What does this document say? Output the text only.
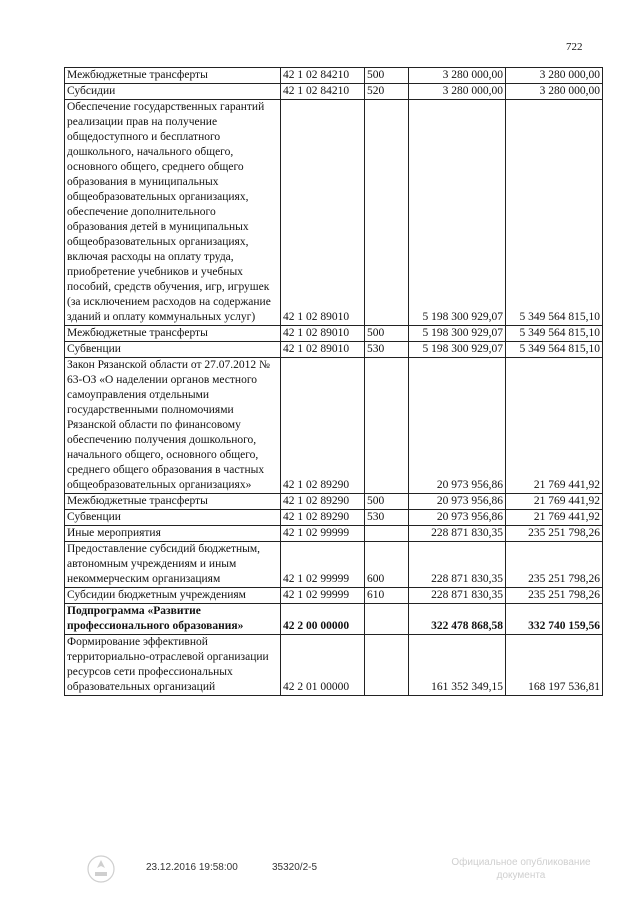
722
Межбюджетные трансферты	42 1 02 84210	500	3 280 000,00	3 280 000,00
Субсидии	42 1 02 84210	520	3 280 000,00	3 280 000,00
Обеспечение государственных гарантий реализации прав на получение общедоступного и бесплатного дошкольного, начального общего, основного общего, среднего общего образования в муниципальных общеобразовательных организациях, обеспечение дополнительного образования детей в муниципальных общеобразовательных организациях, включая расходы на оплату труда, приобретение учебников и учебных пособий, средств обучения, игр, игрушек (за исключением расходов на содержание зданий и оплату коммунальных услуг)	42 1 02 89010		5 198 300 929,07	5 349 564 815,10
Межбюджетные трансферты	42 1 02 89010	500	5 198 300 929,07	5 349 564 815,10
Субвенции	42 1 02 89010	530	5 198 300 929,07	5 349 564 815,10
Закон Рязанской области от 27.07.2012 № 63-ОЗ «О наделении органов местного самоуправления отдельными государственными полномочиями Рязанской области по финансовому обеспечению получения дошкольного, начального общего, основного общего, среднего общего образования в частных общеобразовательных организациях»	42 1 02 89290		20 973 956,86	21 769 441,92
Межбюджетные трансферты	42 1 02 89290	500	20 973 956,86	21 769 441,92
Субвенции	42 1 02 89290	530	20 973 956,86	21 769 441,92
Иные мероприятия	42 1 02 99999		228 871 830,35	235 251 798,26
Предоставление субсидий бюджетным, автономным учреждениям и иным некоммерческим организациям	42 1 02 99999	600	228 871 830,35	235 251 798,26
Субсидии бюджетным учреждениям	42 1 02 99999	610	228 871 830,35	235 251 798,26
Подпрограмма «Развитие профессионального образования»	42 2 00 00000		322 478 868,58	332 740 159,56
Формирование эффективной территориально-отраслевой организации ресурсов сети профессиональных образовательных организаций	42 2 01 00000		161 352 349,15	168 197 536,81
23.12.2016 19:58:00	35320/2-5	Официальное опубликование
документа
